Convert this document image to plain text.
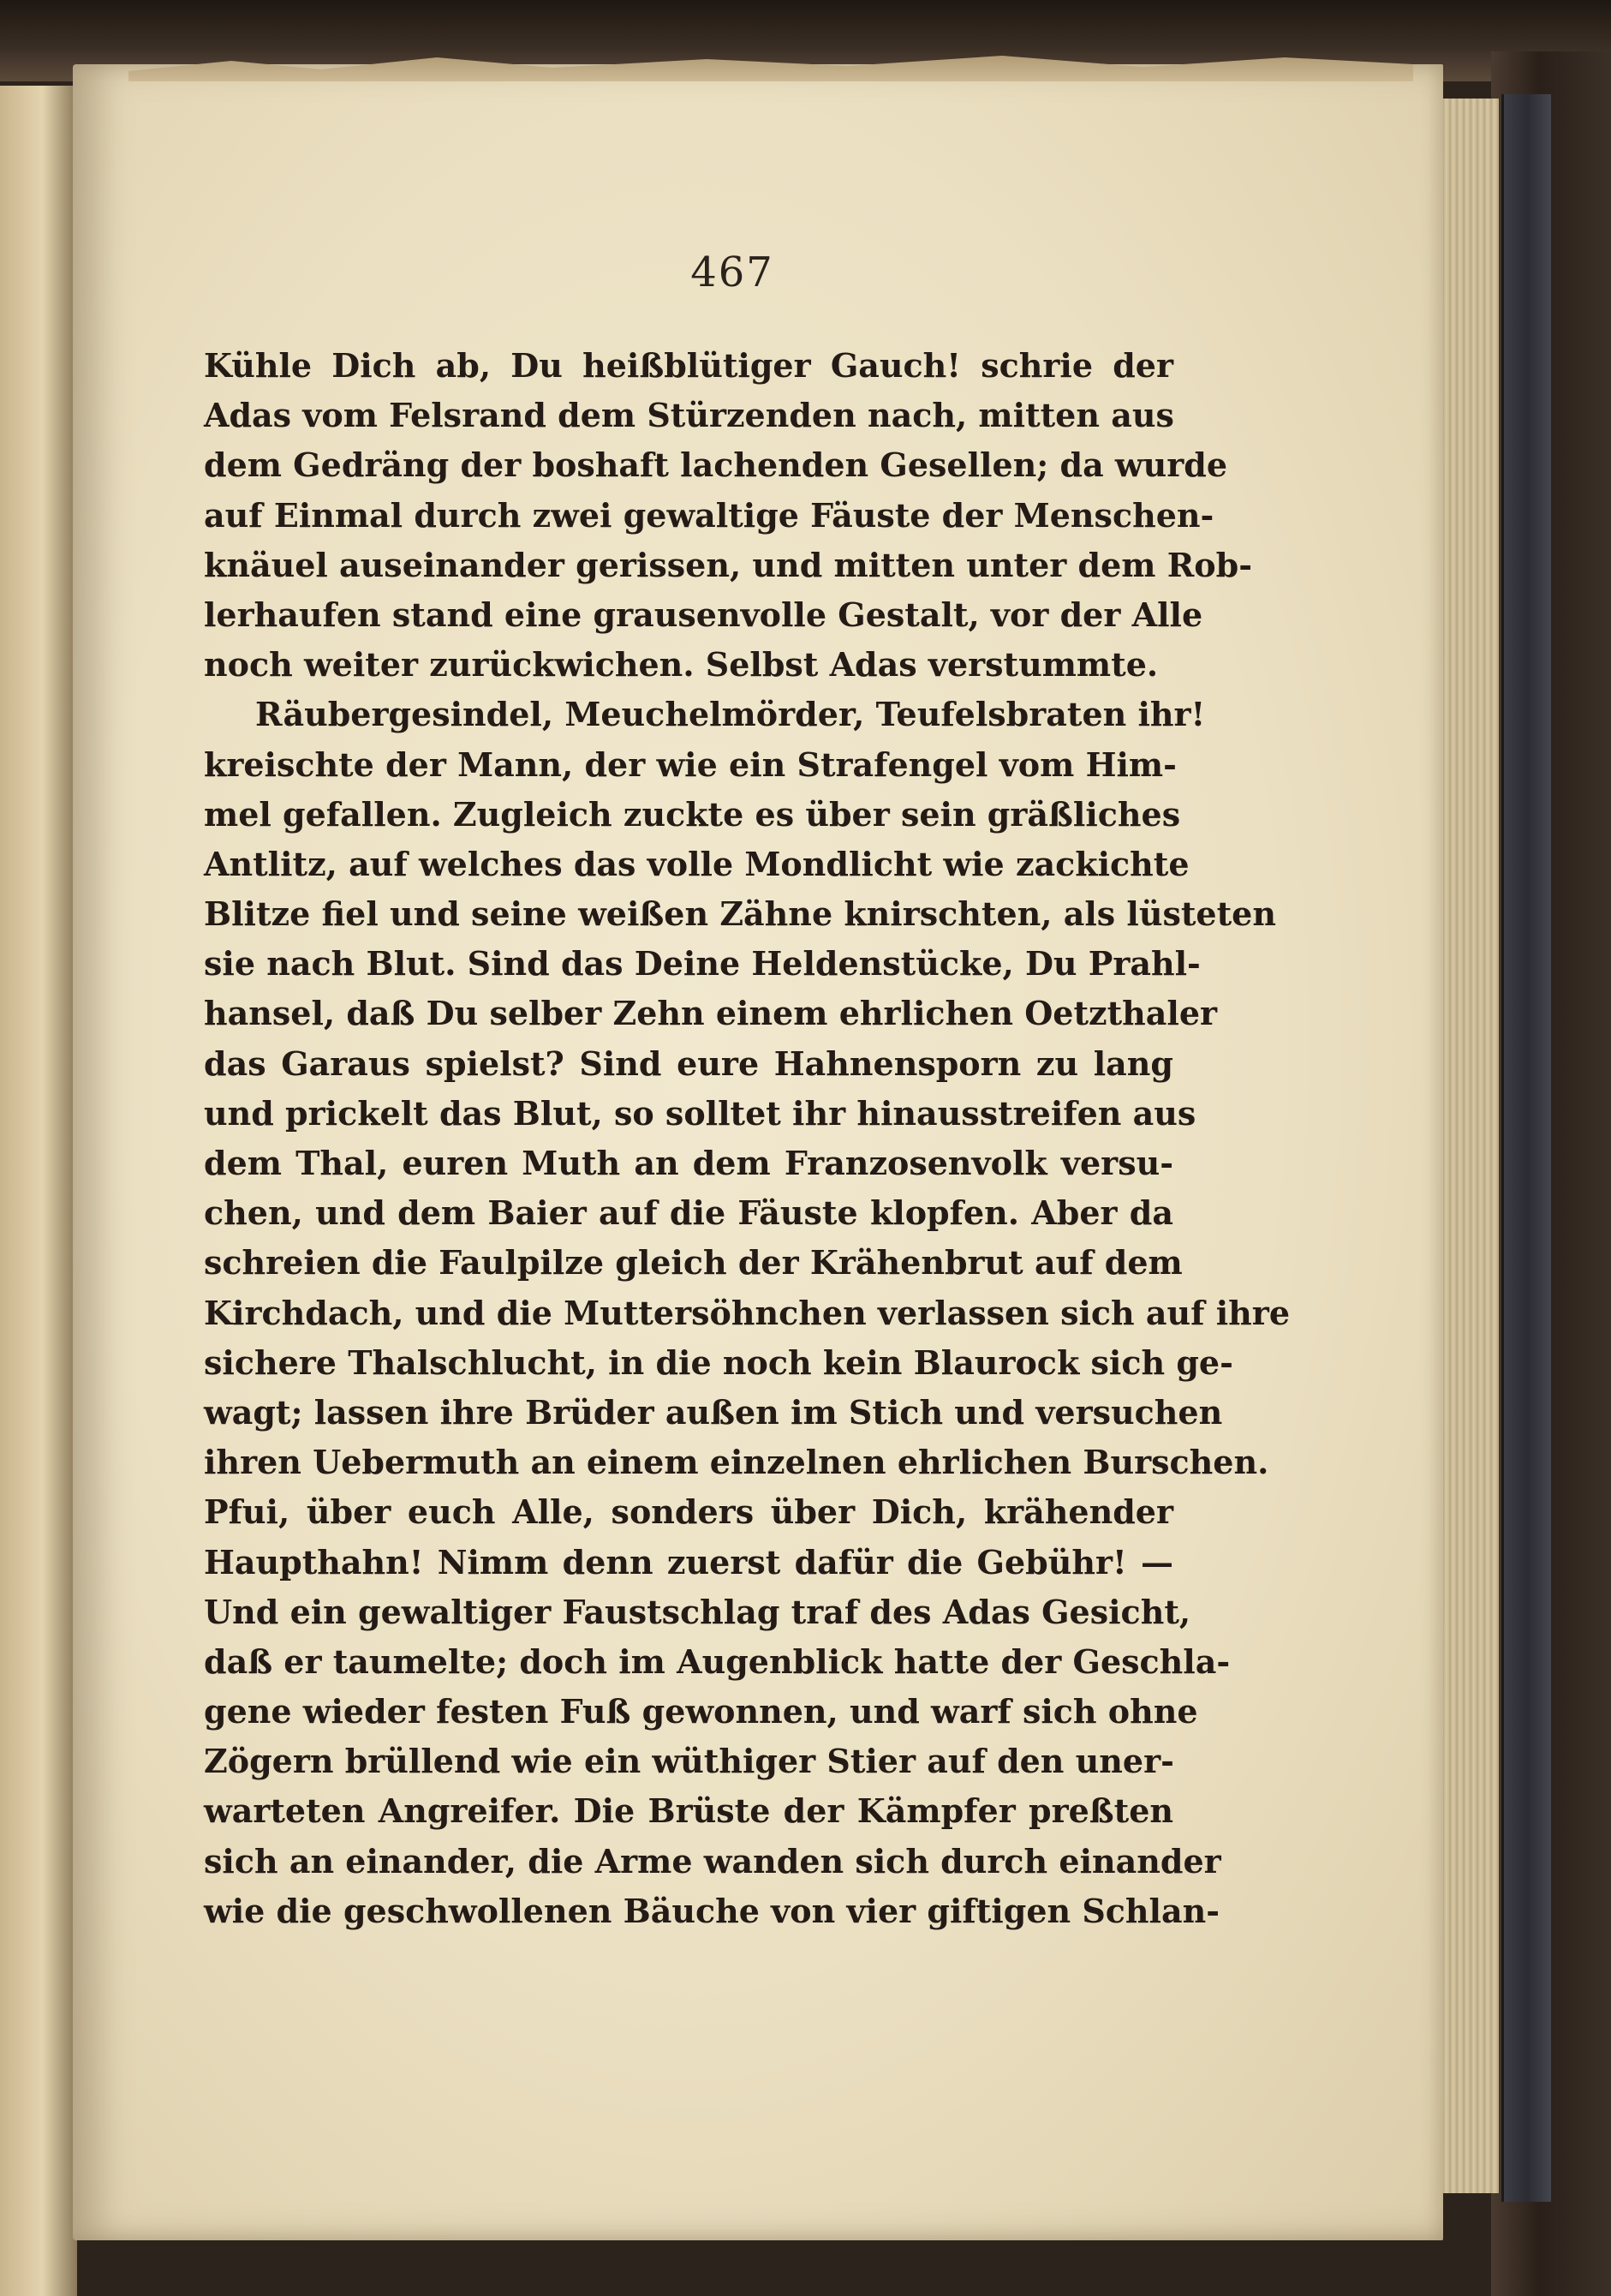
467
Kühle Dich ab, Du heißblütiger Gauch! schrie der
Adas vom Felsrand dem Stürzenden nach, mitten aus
dem Gedräng der boshaft lachenden Gesellen; da wurde
auf Einmal durch zwei gewaltige Fäuste der Menschen-
knäuel auseinander gerissen, und mitten unter dem Rob-
lerhaufen stand eine grausenvolle Gestalt, vor der Alle
noch weiter zurückwichen. Selbst Adas verstummte.
Räubergesindel, Meuchelmörder, Teufelsbraten ihr!
kreischte der Mann, der wie ein Strafengel vom Him-
mel gefallen. Zugleich zuckte es über sein gräßliches
Antlitz, auf welches das volle Mondlicht wie zackichte
Blitze fiel und seine weißen Zähne knirschten, als lüsteten
sie nach Blut. Sind das Deine Heldenstücke, Du Prahl-
hansel, daß Du selber Zehn einem ehrlichen Oetzthaler
das Garaus spielst? Sind eure Hahnensporn zu lang
und prickelt das Blut, so solltet ihr hinausstreifen aus
dem Thal, euren Muth an dem Franzosenvolk versu-
chen, und dem Baier auf die Fäuste klopfen. Aber da
schreien die Faulpilze gleich der Krähenbrut auf dem
Kirchdach, und die Muttersöhnchen verlassen sich auf ihre
sichere Thalschlucht, in die noch kein Blaurock sich ge-
wagt; lassen ihre Brüder außen im Stich und versuchen
ihren Uebermuth an einem einzelnen ehrlichen Burschen.
Pfui, über euch Alle, sonders über Dich, krähender
Haupthahn! Nimm denn zuerst dafür die Gebühr! —
Und ein gewaltiger Faustschlag traf des Adas Gesicht,
daß er taumelte; doch im Augenblick hatte der Geschla-
gene wieder festen Fuß gewonnen, und warf sich ohne
Zögern brüllend wie ein wüthiger Stier auf den uner-
warteten Angreifer. Die Brüste der Kämpfer preßten
sich an einander, die Arme wanden sich durch einander
wie die geschwollenen Bäuche von vier giftigen Schlan-
